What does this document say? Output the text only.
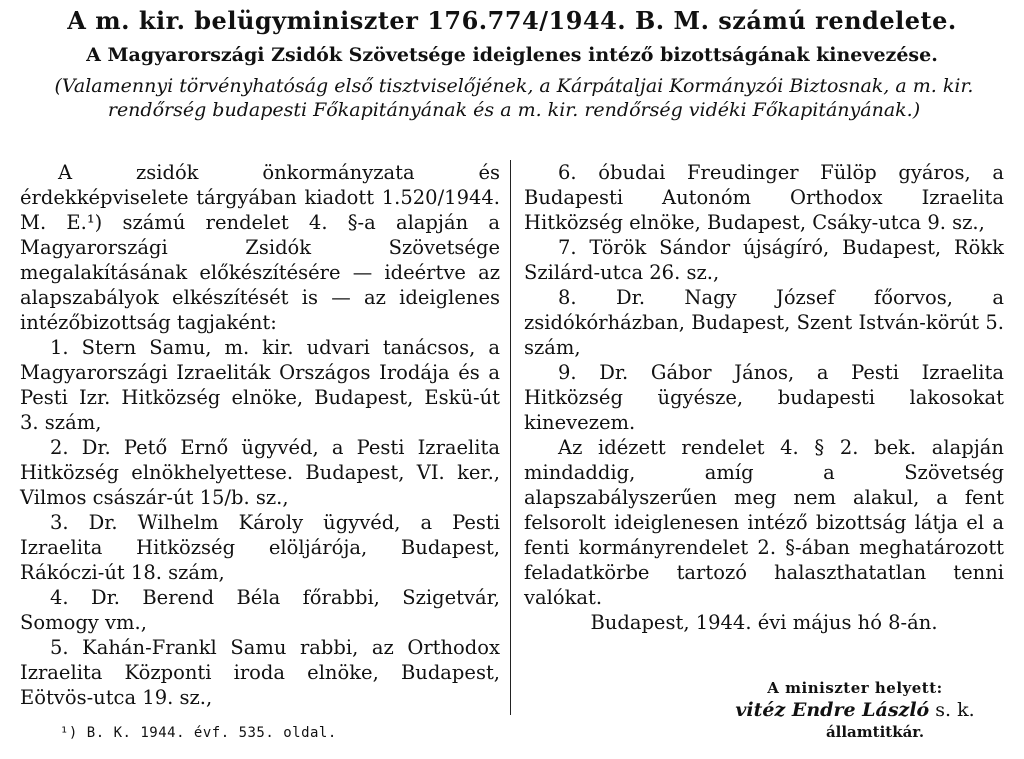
A m. kir. belügyminiszter 176.774/1944. B. M. számú rendelete.
A Magyarországi Zsidók Szövetsége ideiglenes intéző bizottságának kinevezése.
(Valamennyi törvényhatóság első tisztviselőjének, a Kárpátaljai Kormányzói Biztosnak, a m. kir. rendőrség budapesti Főkapitányának és a m. kir. rendőrség vidéki Főkapitányának.)

A zsidók önkormányzata és érdekképviselete tárgyában kiadott 1.520/1944. M. E.¹) számú rendelet 4. §-a alapján a Magyarországi Zsidók Szövetsége megalakításának előkészítésére — ideértve az alapszabályok elkészítését is — az ideiglenes intézőbizottság tagjaként:

1. Stern Samu, m. kir. udvari tanácsos, a Magyarországi Izraeliták Országos Irodája és a Pesti Izr. Hitközség elnöke, Budapest, Eskü-út 3. szám,

2. Dr. Pető Ernő ügyvéd, a Pesti Izraelita Hitközség elnökhelyettese. Budapest, VI. ker., Vilmos császár-út 15/b. sz.,

3. Dr. Wilhelm Károly ügyvéd, a Pesti Izraelita Hitközség elöljárója, Budapest, Rákóczi-út 18. szám,

4. Dr. Berend Béla főrabbi, Szigetvár, Somogy vm.,

5. Kahán-Frankl Samu rabbi, az Orthodox Izraelita Központi iroda elnöke, Budapest, Eötvös-utca 19. sz.,

6. óbudai Freudinger Fülöp gyáros, a Budapesti Autonóm Orthodox Izraelita Hitközség elnöke, Budapest, Csáky-utca 9. sz.,

7. Török Sándor újságíró, Budapest, Rökk Szilárd-utca 26. sz.,

8. Dr. Nagy József főorvos, a zsidókórházban, Budapest, Szent István-körút 5. szám,

9. Dr. Gábor János, a Pesti Izraelita Hitközség ügyésze, budapesti lakosokat kinevezem.

Az idézett rendelet 4. § 2. bek. alapján mindaddig, amíg a Szövetség alapszabályszerűen meg nem alakul, a fent felsorolt ideiglenesen intéző bizottság látja el a fenti kormányrendelet 2. §-ában meghatározott feladatkörbe tartozó halaszthatatlan tenni valókat.

Budapest, 1944. évi május hó 8-án.

¹) B. K. 1944. évf. 535. oldal.
A miniszter helyett:
vitéz Endre László s. k.
államtitkár.
